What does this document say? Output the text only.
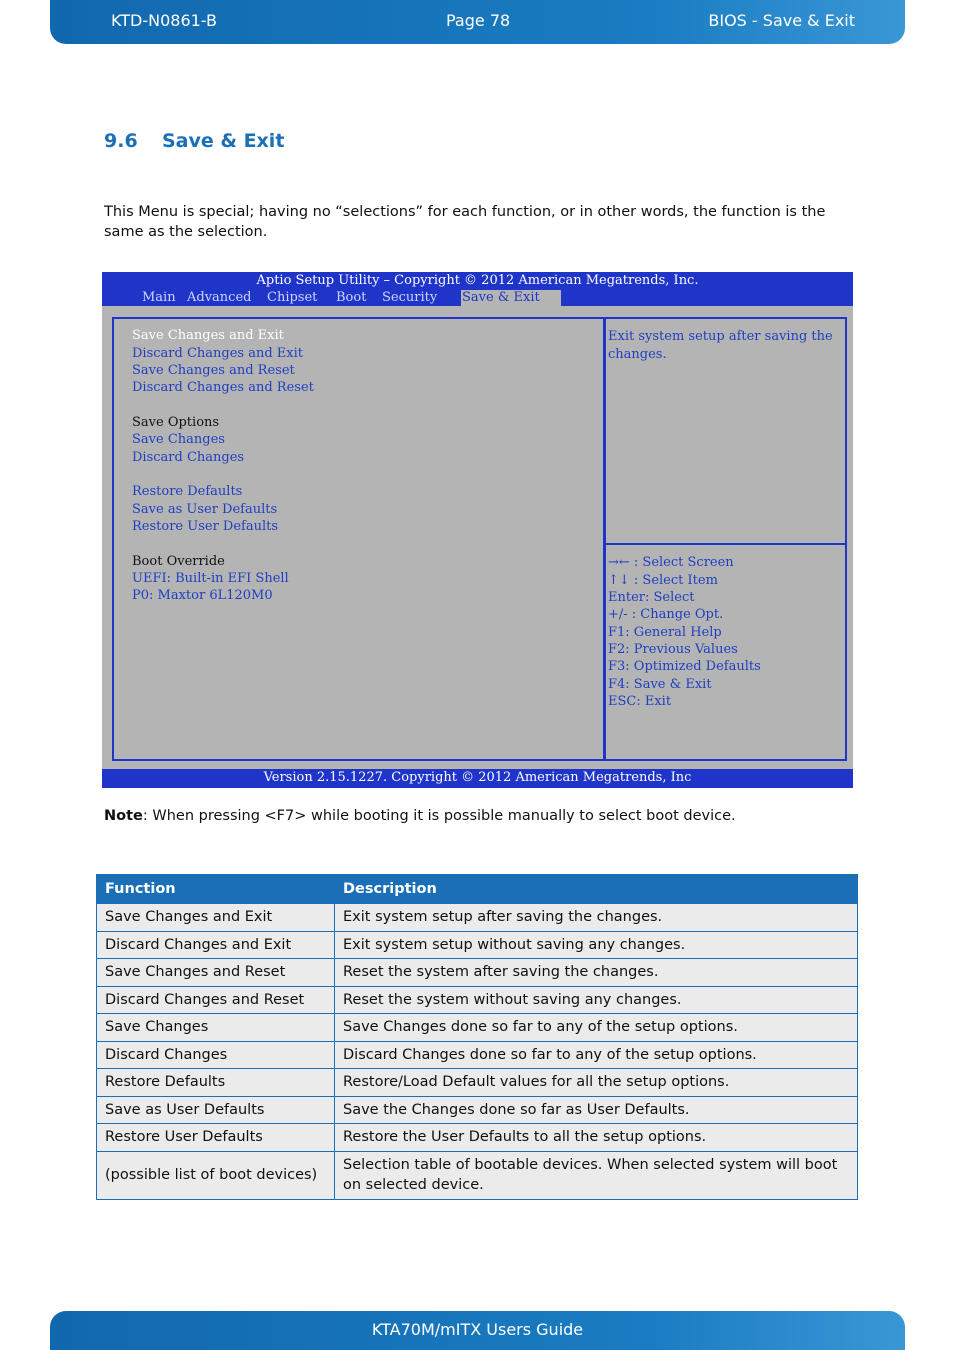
KTD-N0861-B	Page 78	BIOS - Save & Exit
9.6 Save & Exit

This Menu is special; having no “selections” for each function, or in other words, the function is the same as the selection.

Aptio Setup Utility – Copyright © 2012 American Megatrends, Inc.
Main Advanced Chipset Boot Security Save & Exit
Save Changes and Exit
Discard Changes and Exit
Save Changes and Reset
Discard Changes and Reset
Save Options
Save Changes
Discard Changes
Restore Defaults
Save as User Defaults
Restore User Defaults
Boot Override
UEFI: Built-in EFI Shell
P0: Maxtor 6L120M0
Exit system setup after saving the changes.
→← : Select Screen
↑↓ : Select Item
Enter: Select
+/- : Change Opt.
F1: General Help
F2: Previous Values
F3: Optimized Defaults
F4: Save & Exit
ESC: Exit
Version 2.15.1227. Copyright © 2012 American Megatrends, Inc

Note: When pressing <F7> while booting it is possible manually to select boot device.

Function	Description
Save Changes and Exit	Exit system setup after saving the changes.
Discard Changes and Exit	Exit system setup without saving any changes.
Save Changes and Reset	Reset the system after saving the changes.
Discard Changes and Reset	Reset the system without saving any changes.
Save Changes	Save Changes done so far to any of the setup options.
Discard Changes	Discard Changes done so far to any of the setup options.
Restore Defaults	Restore/Load Default values for all the setup options.
Save as User Defaults	Save the Changes done so far as User Defaults.
Restore User Defaults	Restore the User Defaults to all the setup options.
(possible list of boot devices)	Selection table of bootable devices. When selected system will boot on selected device.
KTA70M/mITX Users Guide
